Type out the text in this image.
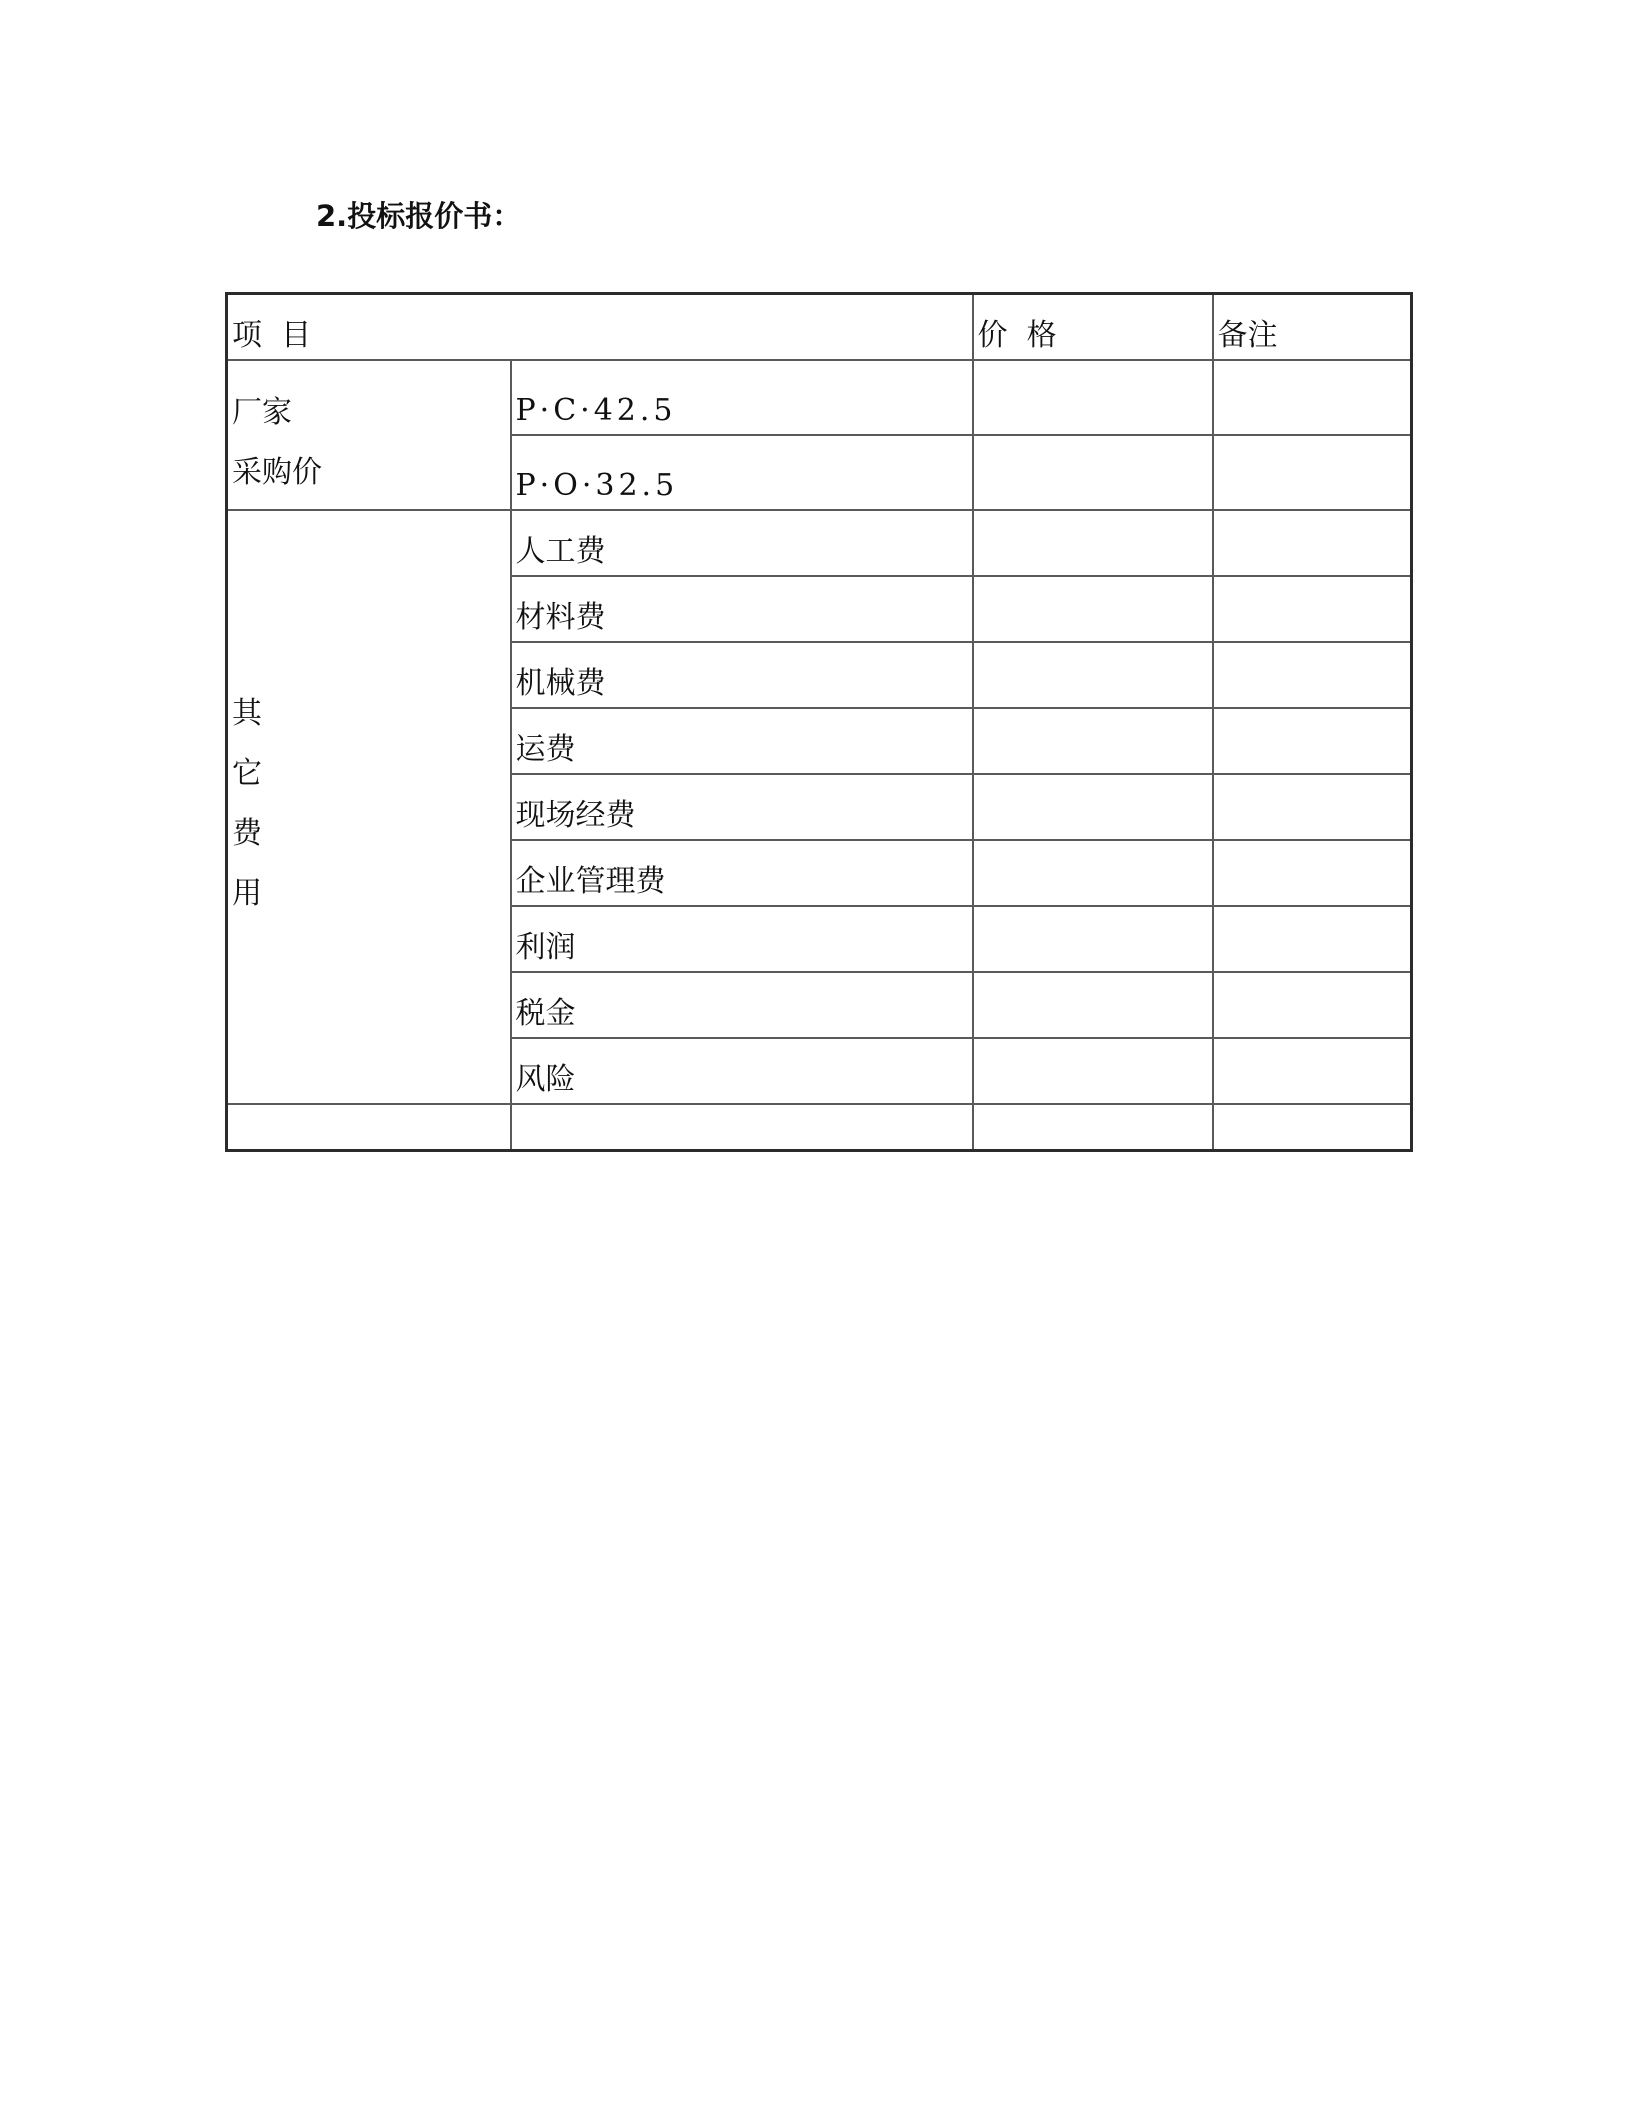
2.投标报价书：
项  目		价  格	备注

厂家
采购价	P·C·42.5		
	P·O·32.5		

其
它
费
用	人工费		
	材料费		
	机械费		
	运费		
	现场经费		
	企业管理费		
	利润		
	税金		
	风险		
